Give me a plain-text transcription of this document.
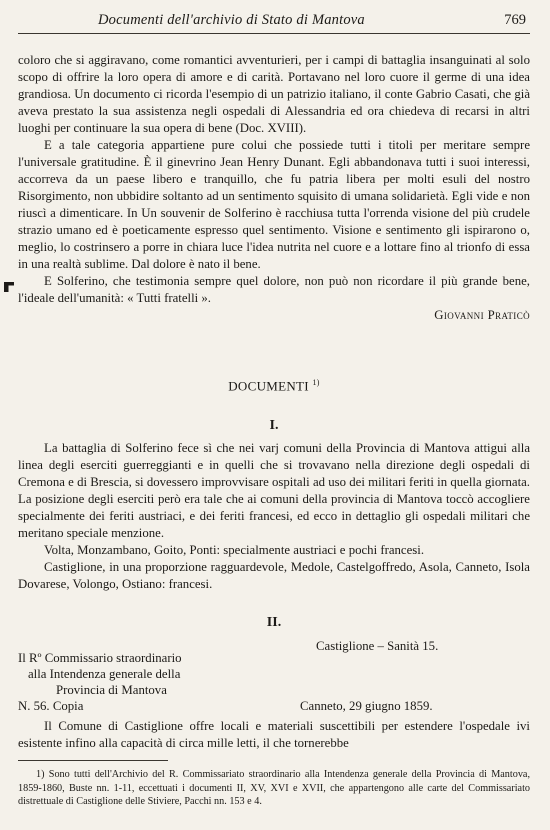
Documenti dell'archivio di Stato di Mantova	769

coloro che si aggiravano, come romantici avventurieri, per i campi di battaglia insanguinati al solo scopo di offrire la loro opera di amore e di carità. Portavano nel loro cuore il germe di una idea grandiosa. Un documento ci ricorda l'esempio di un patrizio italiano, il conte Gabrio Casati, che già aveva prestato la sua assistenza negli ospedali di Alessandria ed ora chiedeva di recarsi in altri luoghi per continuare la sua opera di bene (Doc. XVIII).

E a tale categoria appartiene pure colui che possiede tutti i titoli per meritare sempre l'universale gratitudine. È il ginevrino Jean Henry Dunant. Egli abbandonava tutti i suoi interessi, accorreva da un paese libero e tranquillo, che fu patria libera per molti esuli del nostro Risorgimento, non ubbidire soltanto ad un sentimento squisito di umana solidarietà. Egli vide e non riuscì a dimenticare. In Un souvenir de Solferino è racchiusa tutta l'orrenda visione del più crudele strazio umano ed è poeticamente espresso quel sentimento. Visione e sentimento gli ispirarono o, meglio, lo costrinsero a porre in chiara luce l'idea nutrita nel cuore e a lottare fino al trionfo di essa in una realtà sublime. Dal dolore è nato il bene.

E Solferino, che testimonia sempre quel dolore, non può non ricordare il più grande bene, l'ideale dell'umanità: « Tutti fratelli ».

Giovanni Praticò

DOCUMENTI $^{1)}$
I.

La battaglia di Solferino fece sì che nei varj comuni della Provincia di Mantova attigui alla linea degli eserciti guerreggianti e in quelli che si trovavano nella direzione degli ospedali di Cremona e di Brescia, si dovessero improvvisare ospitali ad uso dei militari feriti in quella giornata. La posizione degli eserciti però era tale che ai comuni della provincia di Mantova toccò accogliere specialmente dei feriti austriaci, e dei feriti francesi, ed ecco in dettaglio gli ospedali militari che meritano speciale menzione.

Volta, Monzambano, Goito, Ponti: specialmente austriaci e pochi francesi.

Castiglione, in una proporzione ragguardevole, Medole, Castelgoffredo, Asola, Canneto, Isola Dovarese, Volongo, Ostiano: francesi.

II.
Castiglione – Sanità 15.
Il Rº Commissario straordinario
alla Intendenza generale della
Provincia di Mantova
N. 56. Copia	Canneto, 29 giugno 1859.

Il Comune di Castiglione offre locali e materiali suscettibili per estendere l'ospedale ivi esistente infino alla capacità di circa mille letti, il che tornerebbe

1) Sono tutti dell'Archivio del R. Commissariato straordinario alla Intendenza generale della Provincia di Mantova, 1859-1860, Buste nn. 1-11, eccettuati i documenti II, XV, XVI e XVII, che appartengono alle carte del Commissariato distrettuale di Castiglione delle Stiviere, Pacchi nn. 153 e 4.
